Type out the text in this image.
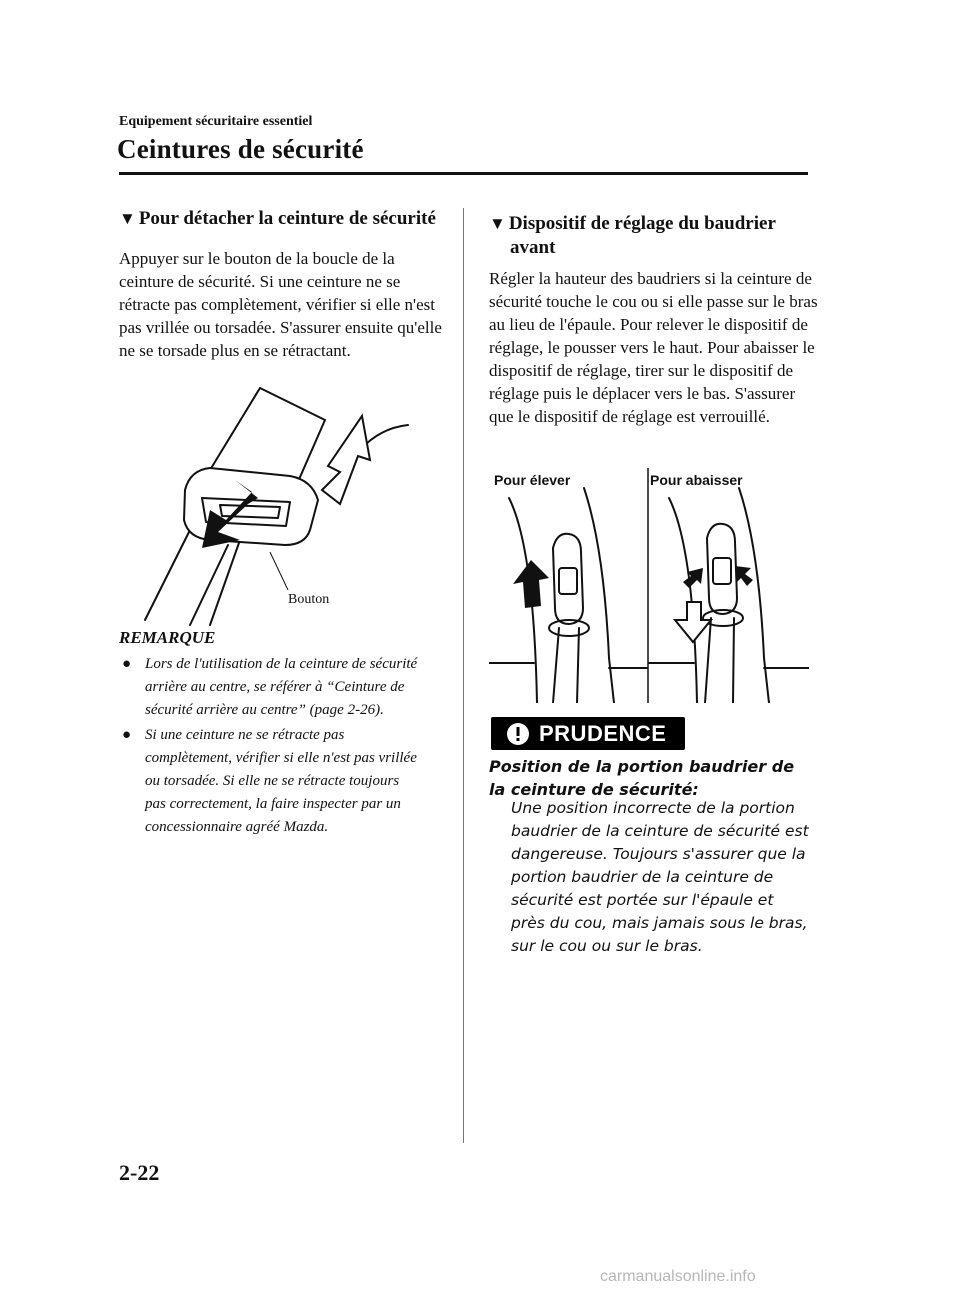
Equipement sécuritaire essentiel
Ceintures de sécurité
▼ Pour détacher la ceinture de sécurité
Appuyer sur le bouton de la boucle de la ceinture de sécurité. Si une ceinture ne se rétracte pas complètement, vérifier si elle n'est pas vrillée ou torsadée. S'assurer ensuite qu'elle ne se torsade plus en se rétractant.
Bouton
REMARQUE
● Lors de l'utilisation de la ceinture de sécurité arrière au centre, se référer à “Ceinture de sécurité arrière au centre” (page 2-26).
● Si une ceinture ne se rétracte pas complètement, vérifier si elle n'est pas vrillée ou torsadée. Si elle ne se rétracte toujours pas correctement, la faire inspecter par un concessionnaire agréé Mazda.
▼ Dispositif de réglage du baudrier
avant
Régler la hauteur des baudriers si la ceinture de sécurité touche le cou ou si elle passe sur le bras au lieu de l'épaule. Pour relever le dispositif de réglage, le pousser vers le haut. Pour abaisser le dispositif de réglage, tirer sur le dispositif de réglage puis le déplacer vers le bas. S'assurer que le dispositif de réglage est verrouillé.
Pour élever	Pour abaisser
PRUDENCE
Position de la portion baudrier de la ceinture de sécurité:
Une position incorrecte de la portion baudrier de la ceinture de sécurité est dangereuse. Toujours s'assurer que la portion baudrier de la ceinture de sécurité est portée sur l'épaule et près du cou, mais jamais sous le bras, sur le cou ou sur le bras.
2-22
carmanualsonline.info
